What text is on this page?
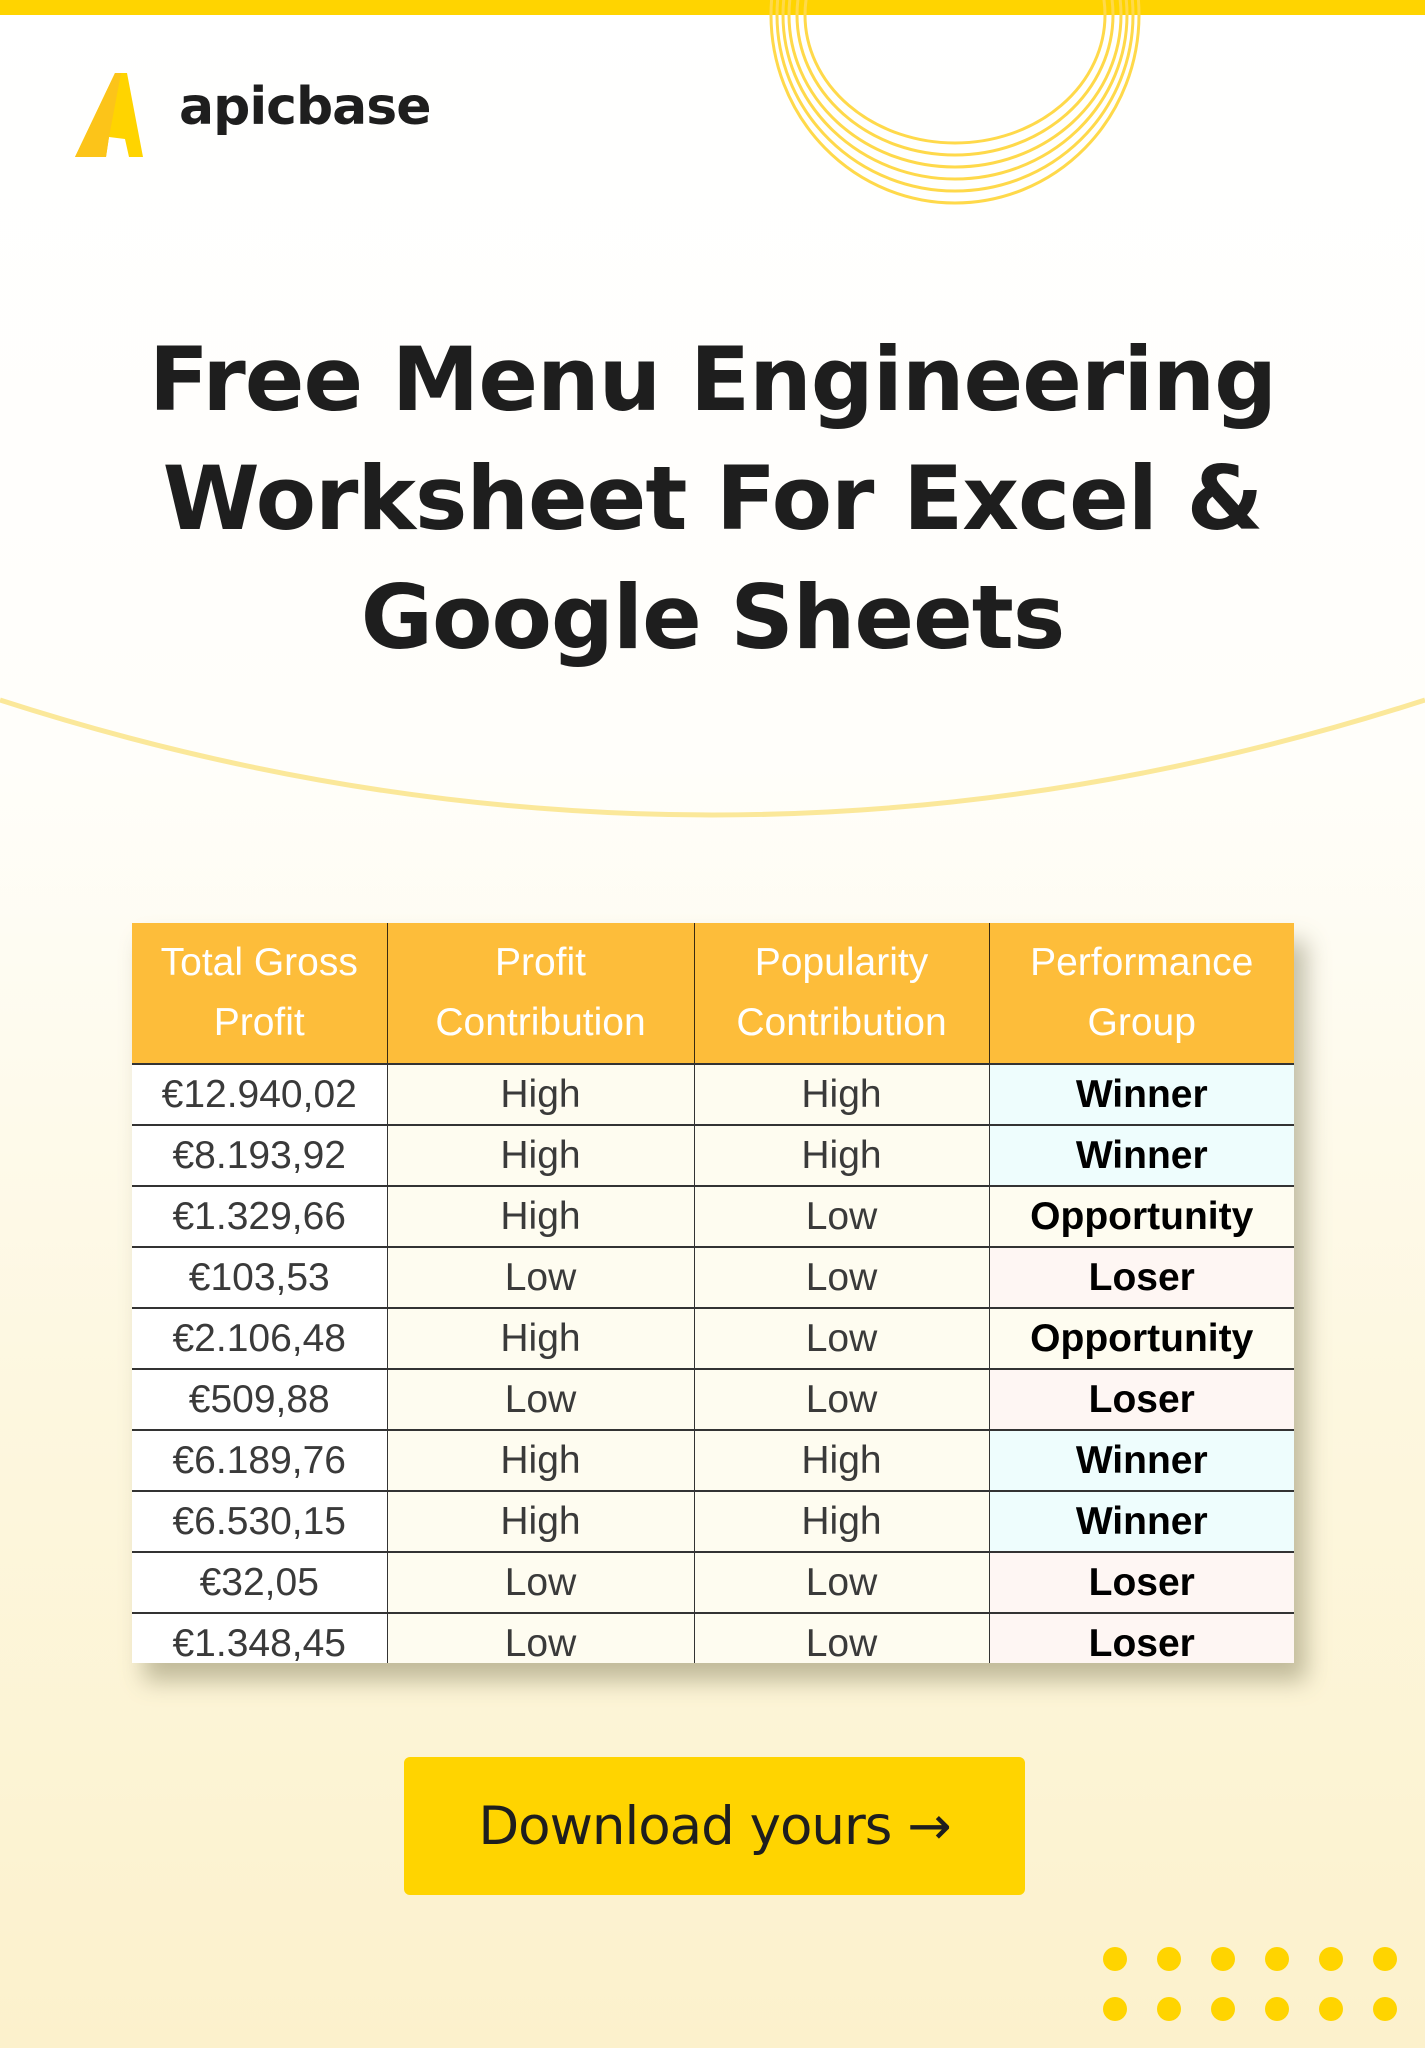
apicbase
Free Menu Engineering
Worksheet For Excel &
Google Sheets
Total Gross Profit	Profit Contribution	Popularity Contribution	Performance Group
€12.940,02	High	High	Winner
€8.193,92	High	High	Winner
€1.329,66	High	Low	Opportunity
€103,53	Low	Low	Loser
€2.106,48	High	Low	Opportunity
€509,88	Low	Low	Loser
€6.189,76	High	High	Winner
€6.530,15	High	High	Winner
€32,05	Low	Low	Loser
€1.348,45	Low	Low	Loser
Download yours →
